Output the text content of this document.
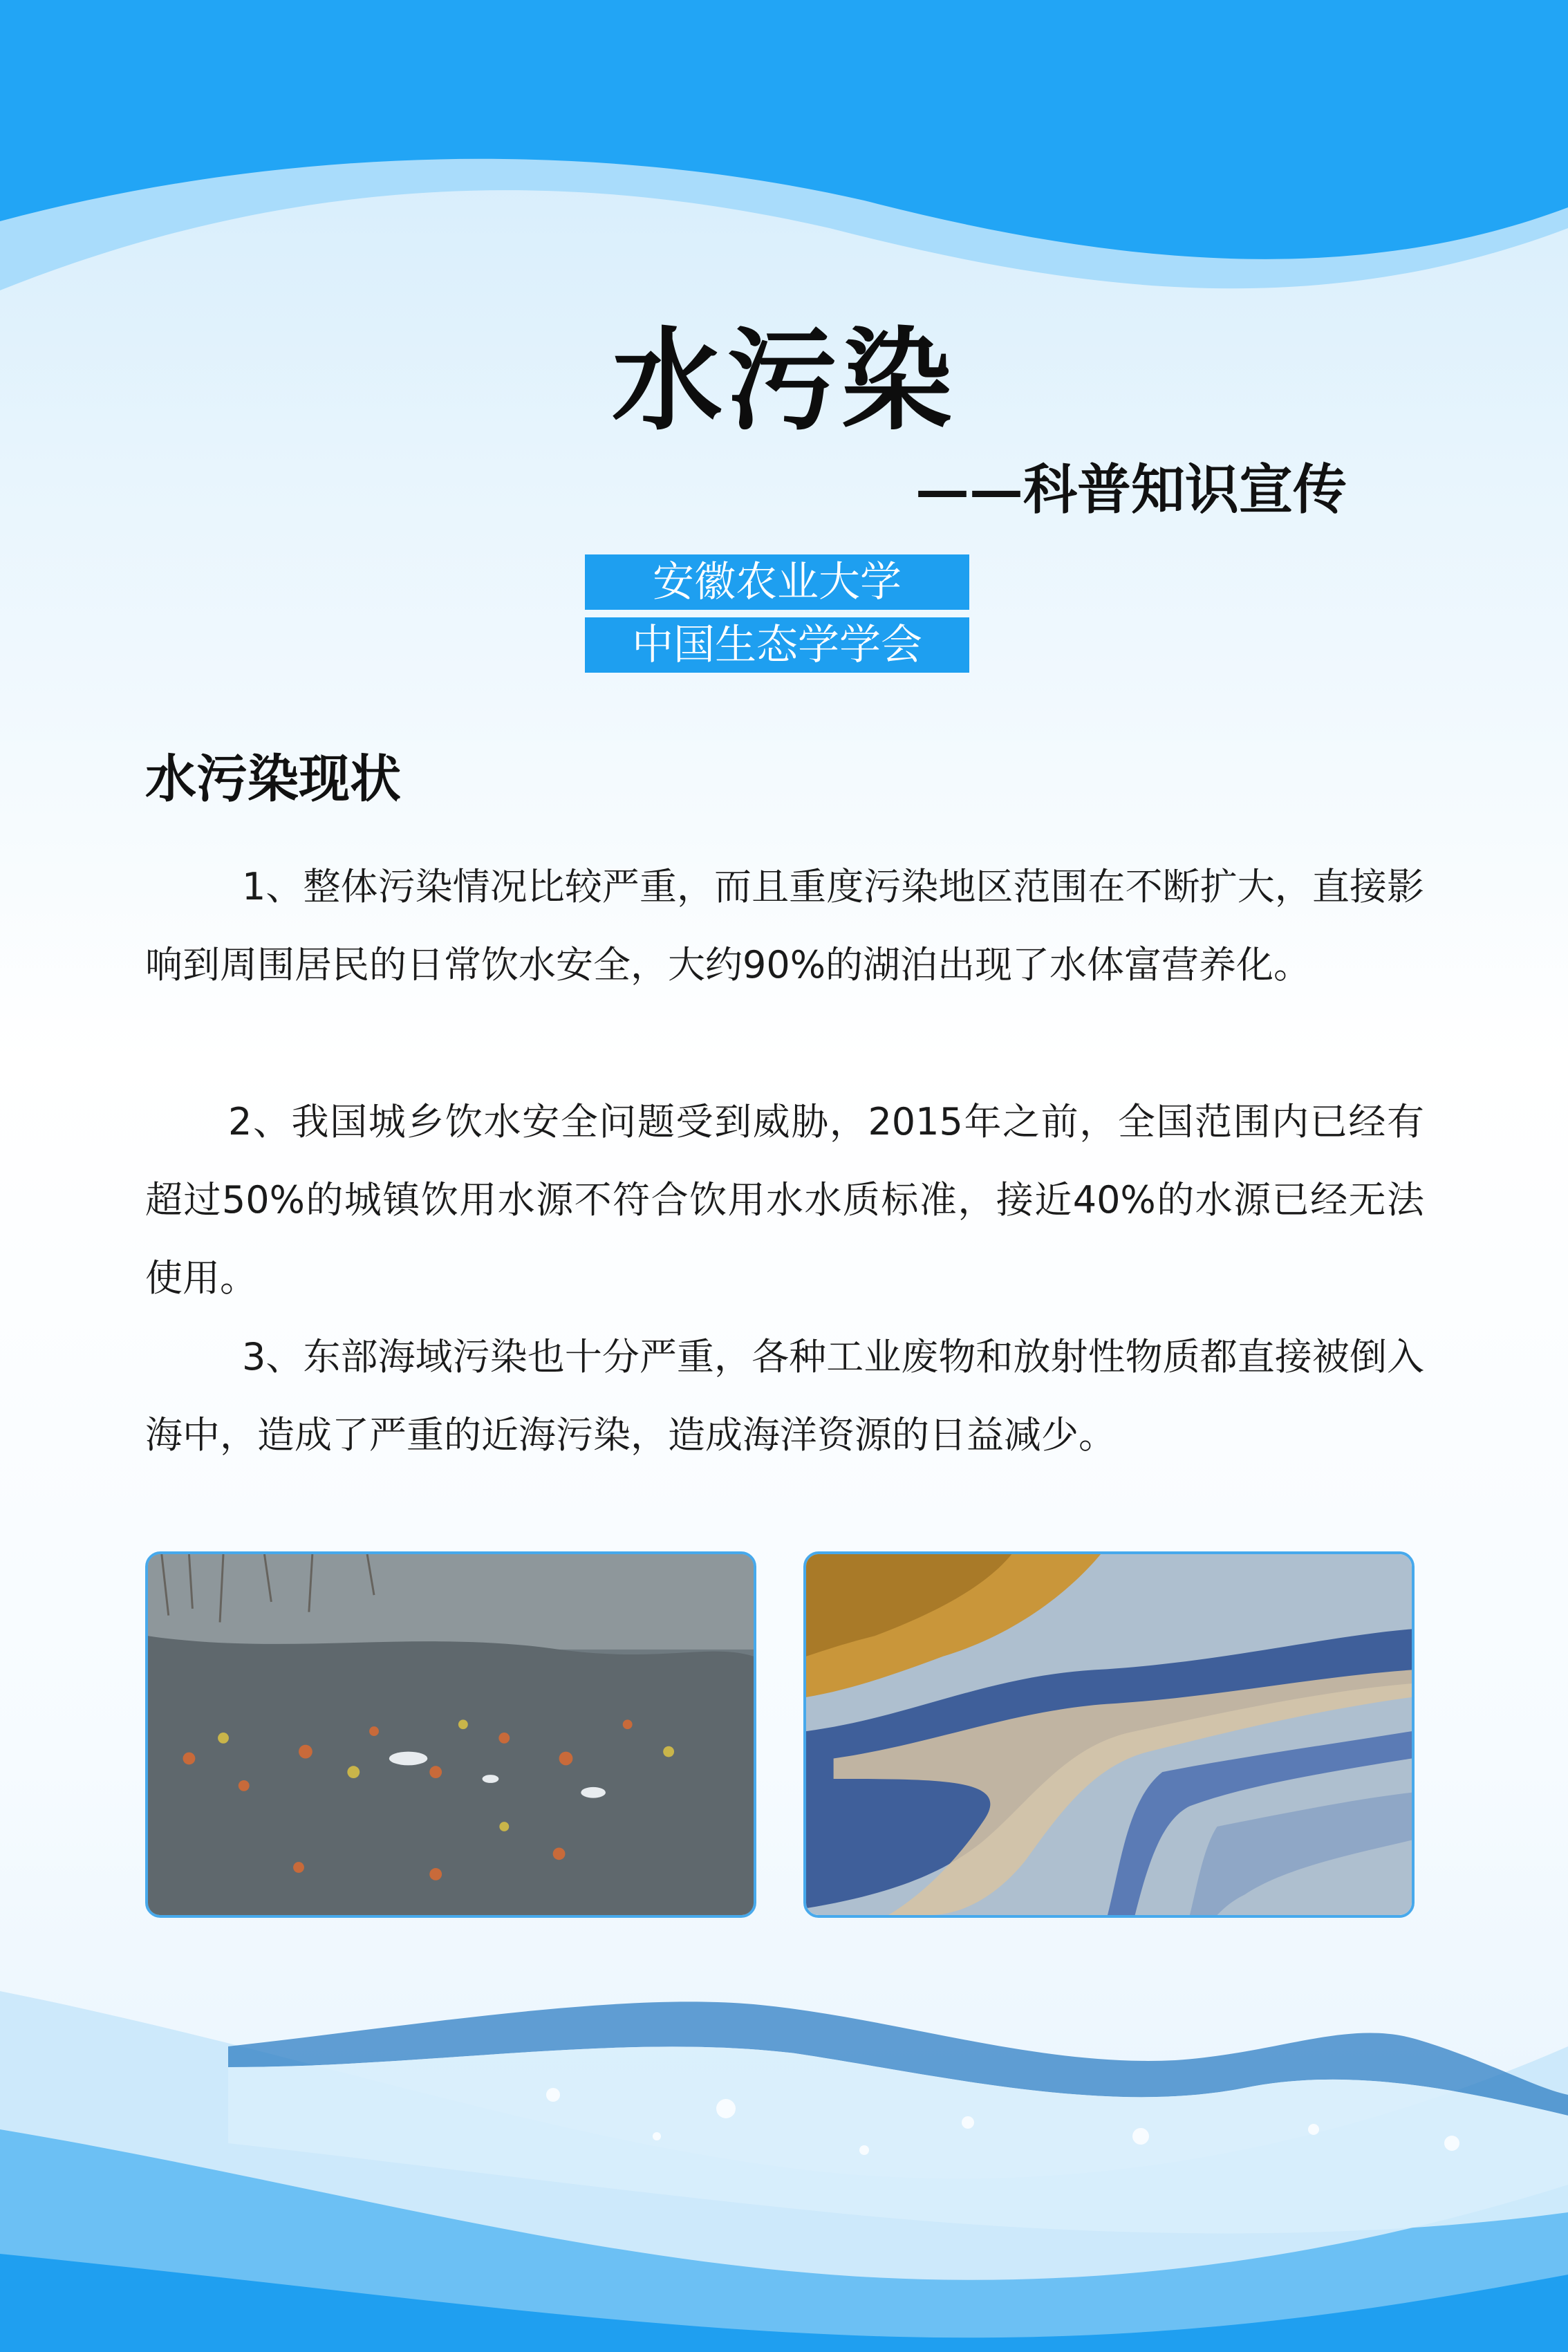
水污染
——科普知识宣传
安徽农业大学
中国生态学学会
水污染现状
1、整体污染情况比较严重，而且重度污染地区范围在不断扩大，直接影响到周围居民的日常饮水安全，大约90%的湖泊出现了水体富营养化。
2、我国城乡饮水安全问题受到威胁，2015年之前，全国范围内已经有超过50%的城镇饮用水源不符合饮用水水质标准，接近40%的水源已经无法使用。
3、东部海域污染也十分严重，各种工业废物和放射性物质都直接被倒入海中，造成了严重的近海污染，造成海洋资源的日益减少。
